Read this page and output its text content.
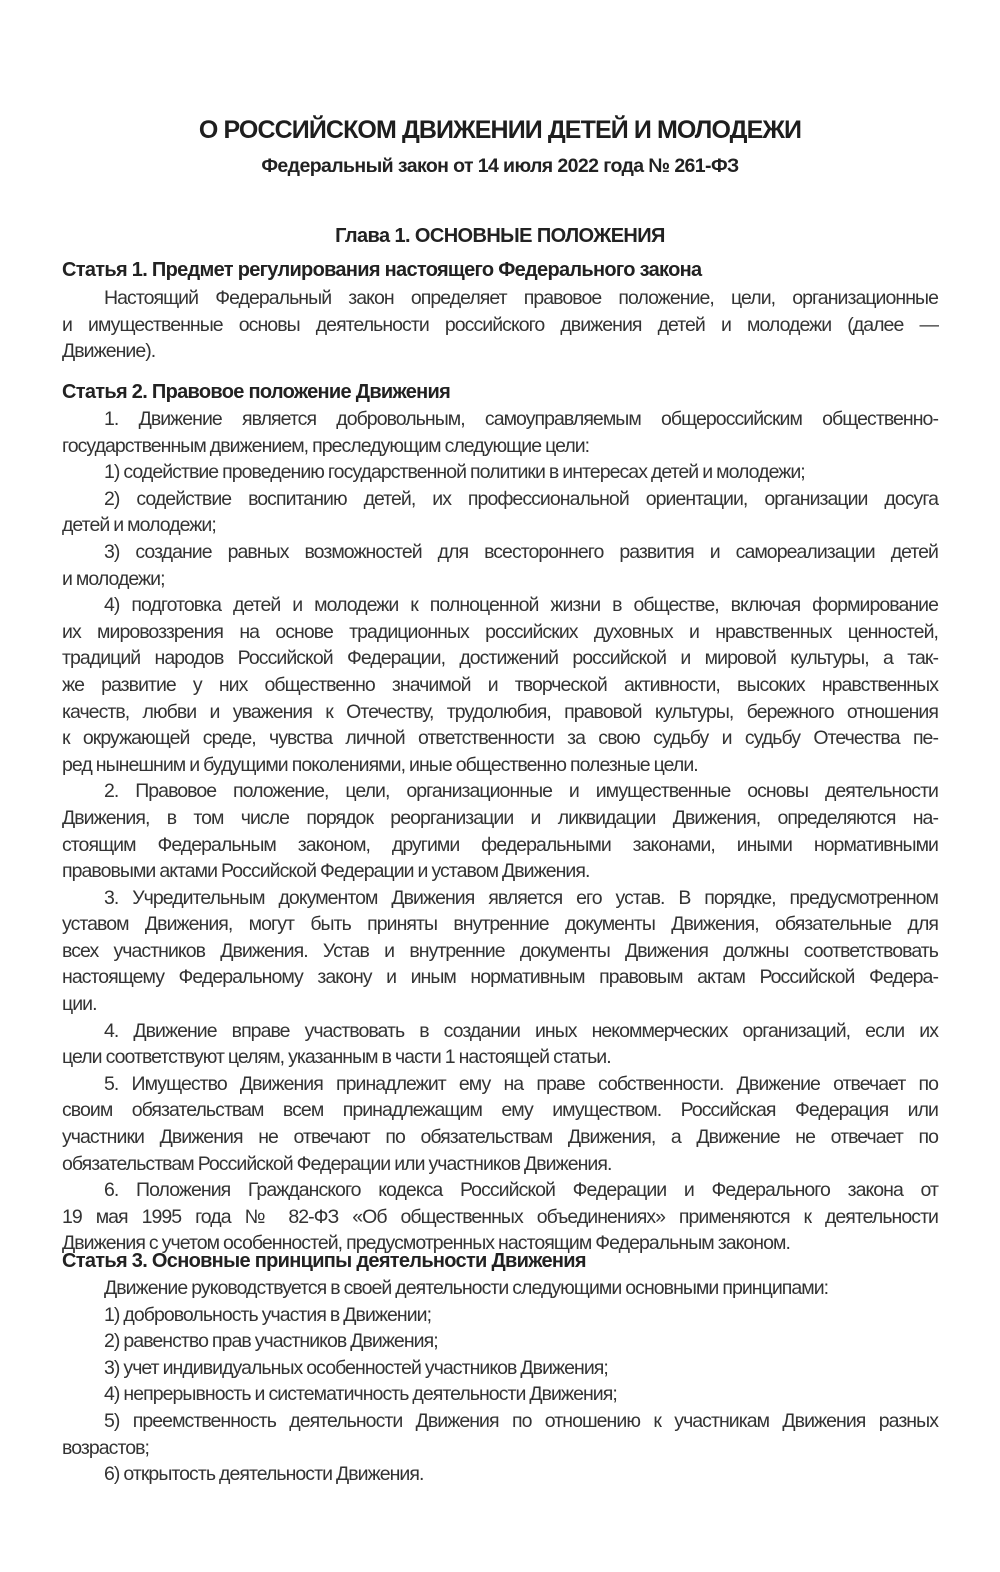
О РОССИЙСКОМ ДВИЖЕНИИ ДЕТЕЙ И МОЛОДЕЖИ
Федеральный закон от 14 июля 2022 года № 261-ФЗ
Глава 1. ОСНОВНЫЕ ПОЛОЖЕНИЯ
Статья 1. Предмет регулирования настоящего Федерального закона
Настоящий Федеральный закон определяет правовое положение, цели, организационные
и имущественные основы деятельности российского движения детей и молодежи (далее —
Движение).
Статья 2. Правовое положение Движения
1. Движение является добровольным, самоуправляемым общероссийским общественно-
государственным движением, преследующим следующие цели:
1) содействие проведению государственной политики в интересах детей и молодежи;
2) содействие воспитанию детей, их профессиональной ориентации, организации досуга
детей и молодежи;
3) создание равных возможностей для всестороннего развития и самореализации детей
и молодежи;
4) подготовка детей и молодежи к полноценной жизни в обществе, включая формирование
их мировоззрения на основе традиционных российских духовных и нравственных ценностей,
традиций народов Российской Федерации, достижений российской и мировой культуры, а так-
же развитие у них общественно значимой и творческой активности, высоких нравственных
качеств, любви и уважения к Отечеству, трудолюбия, правовой культуры, бережного отношения
к окружающей среде, чувства личной ответственности за свою судьбу и судьбу Отечества пе-
ред нынешним и будущими поколениями, иные общественно полезные цели.
2. Правовое положение, цели, организационные и имущественные основы деятельности
Движения, в том числе порядок реорганизации и ликвидации Движения, определяются на-
стоящим Федеральным законом, другими федеральными законами, иными нормативными
правовыми актами Российской Федерации и уставом Движения.
3. Учредительным документом Движения является его устав. В порядке, предусмотренном
уставом Движения, могут быть приняты внутренние документы Движения, обязательные для
всех участников Движения. Устав и внутренние документы Движения должны соответствовать
настоящему Федеральному закону и иным нормативным правовым актам Российской Федера-
ции.
4. Движение вправе участвовать в создании иных некоммерческих организаций, если их
цели соответствуют целям, указанным в части 1 настоящей статьи.
5. Имущество Движения принадлежит ему на праве собственности. Движение отвечает по
своим обязательствам всем принадлежащим ему имуществом. Российская Федерация или
участники Движения не отвечают по обязательствам Движения, а Движение не отвечает по
обязательствам Российской Федерации или участников Движения.
6. Положения Гражданского кодекса Российской Федерации и Федерального закона от
19 мая 1995 года № 82-ФЗ «Об общественных объединениях» применяются к деятельности
Движения с учетом особенностей, предусмотренных настоящим Федеральным законом.
Статья 3. Основные принципы деятельности Движения
Движение руководствуется в своей деятельности следующими основными принципами:
1) добровольность участия в Движении;
2) равенство прав участников Движения;
3) учет индивидуальных особенностей участников Движения;
4) непрерывность и систематичность деятельности Движения;
5) преемственность деятельности Движения по отношению к участникам Движения разных
возрастов;
6) открытость деятельности Движения.
